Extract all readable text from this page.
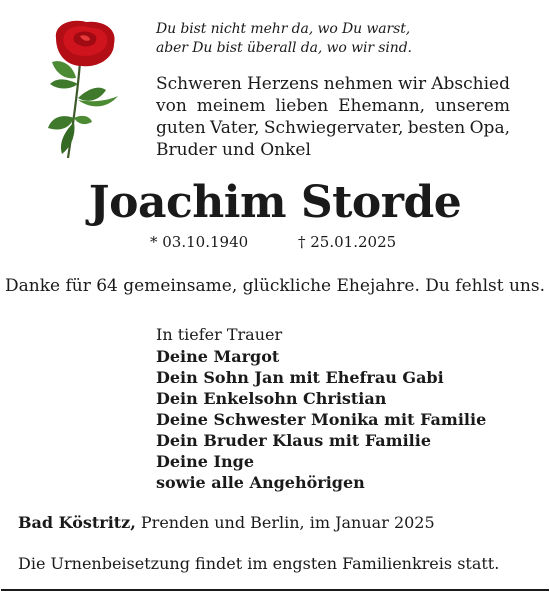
Du bist nicht mehr da, wo Du warst,
aber Du bist überall da, wo wir sind.
Schweren Herzens nehmen wir Abschied
von meinem lieben Ehemann, unserem
guten Vater, Schwiegervater, besten Opa,
Bruder und Onkel
Joachim Storde
* 03.10.1940	† 25.01.2025
Danke für 64 gemeinsame, glückliche Ehejahre. Du fehlst uns.
In tiefer Trauer
Deine Margot
Dein Sohn Jan mit Ehefrau Gabi
Dein Enkelsohn Christian
Deine Schwester Monika mit Familie
Dein Bruder Klaus mit Familie
Deine Inge
sowie alle Angehörigen
Bad Köstritz, Prenden und Berlin, im Januar 2025
Die Urnenbeisetzung findet im engsten Familienkreis statt.
